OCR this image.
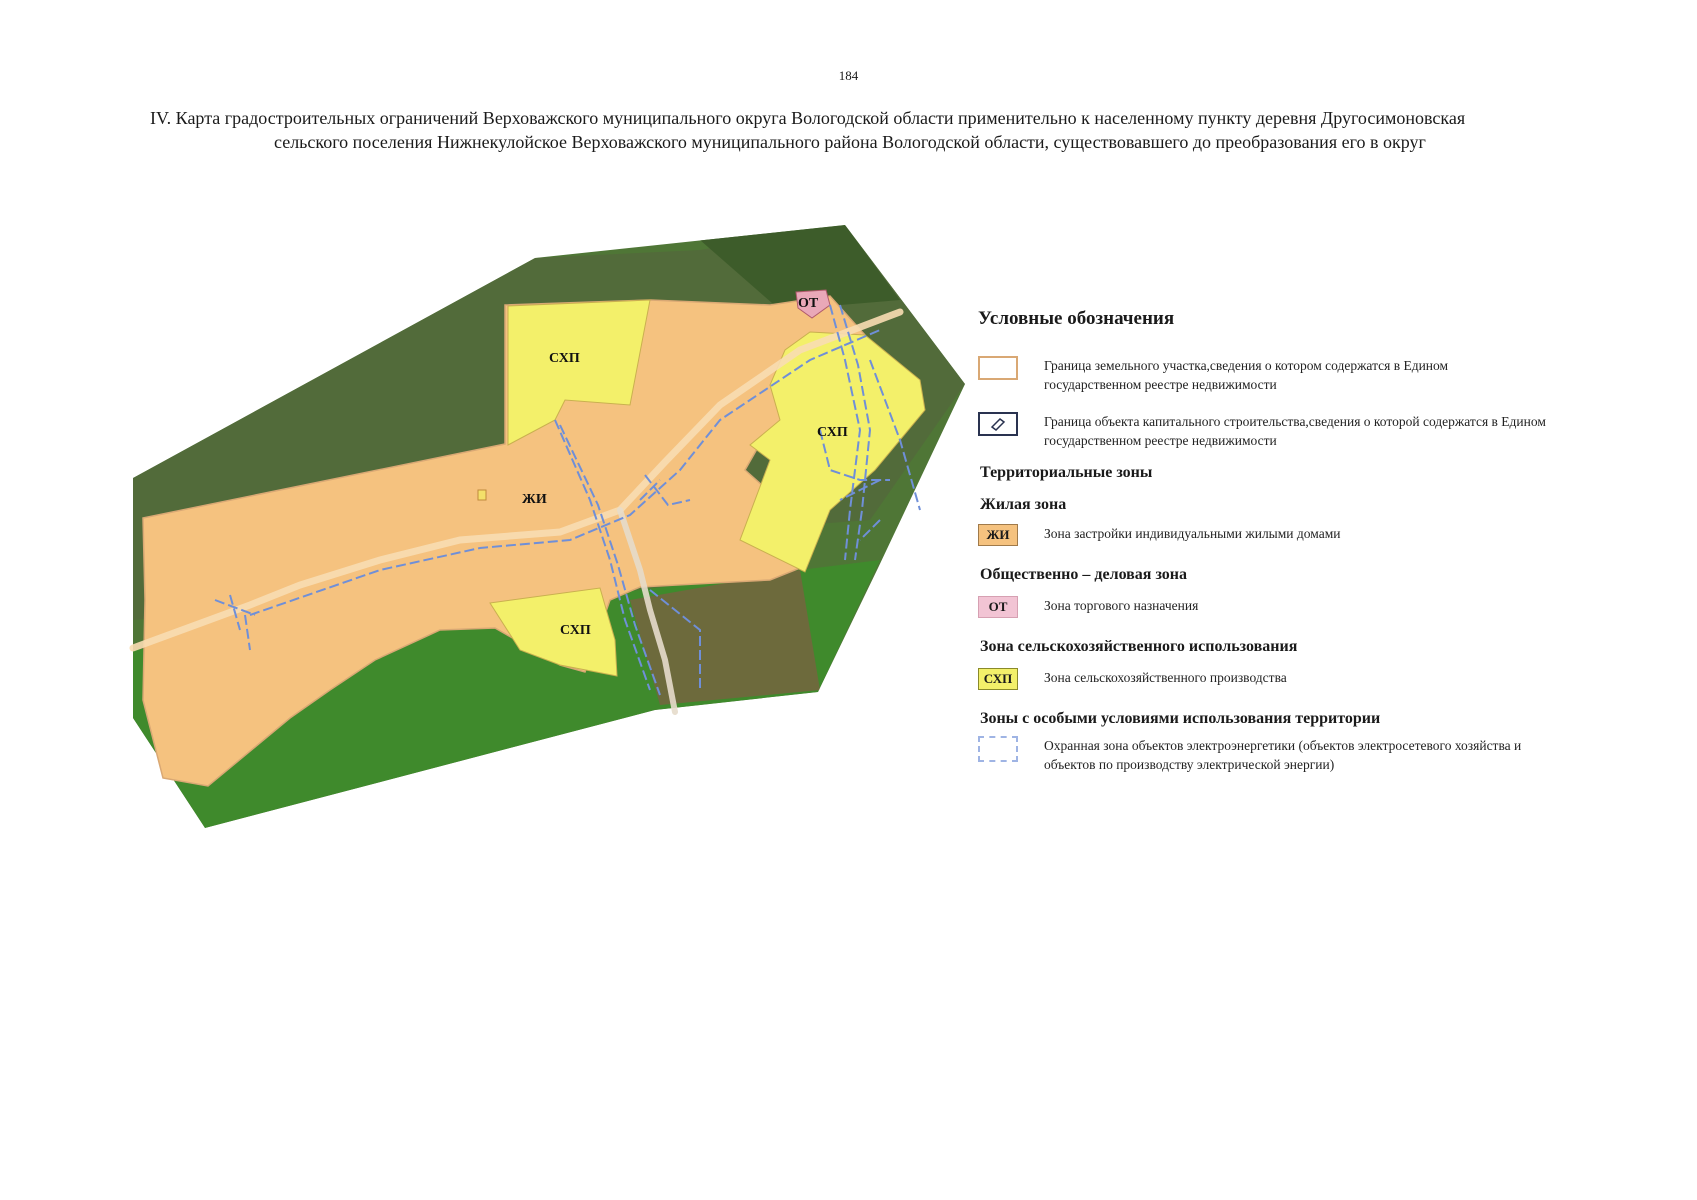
184
IV. Карта градостроительных ограничений Верховажского муниципального округа Вологодской области применительно к населенному пункту деревня Другосимоновская
сельского поселения Нижнекулойское Верховажского муниципального района Вологодской области, существовавшего до преобразования его в округ
ЖИ
СХП
СХП
СХП
ОТ
Условные обозначения
Граница земельного участка,сведения о котором содержатся в Едином государственном реестре недвижимости
Граница объекта капитального строительства,сведения о которой содержатся в Едином государственном реестре недвижимости
Территориальные зоны
Жилая зона
ЖИ	Зона застройки индивидуальными жилыми домами
Общественно – деловая зона
ОТ	Зона торгового назначения
Зона сельскохозяйственного использования
СХП	Зона сельскохозяйственного производства
Зоны с особыми условиями использования территории
Охранная зона объектов электроэнергетики (объектов электросетевого хозяйства и объектов по производству электрической энергии)
